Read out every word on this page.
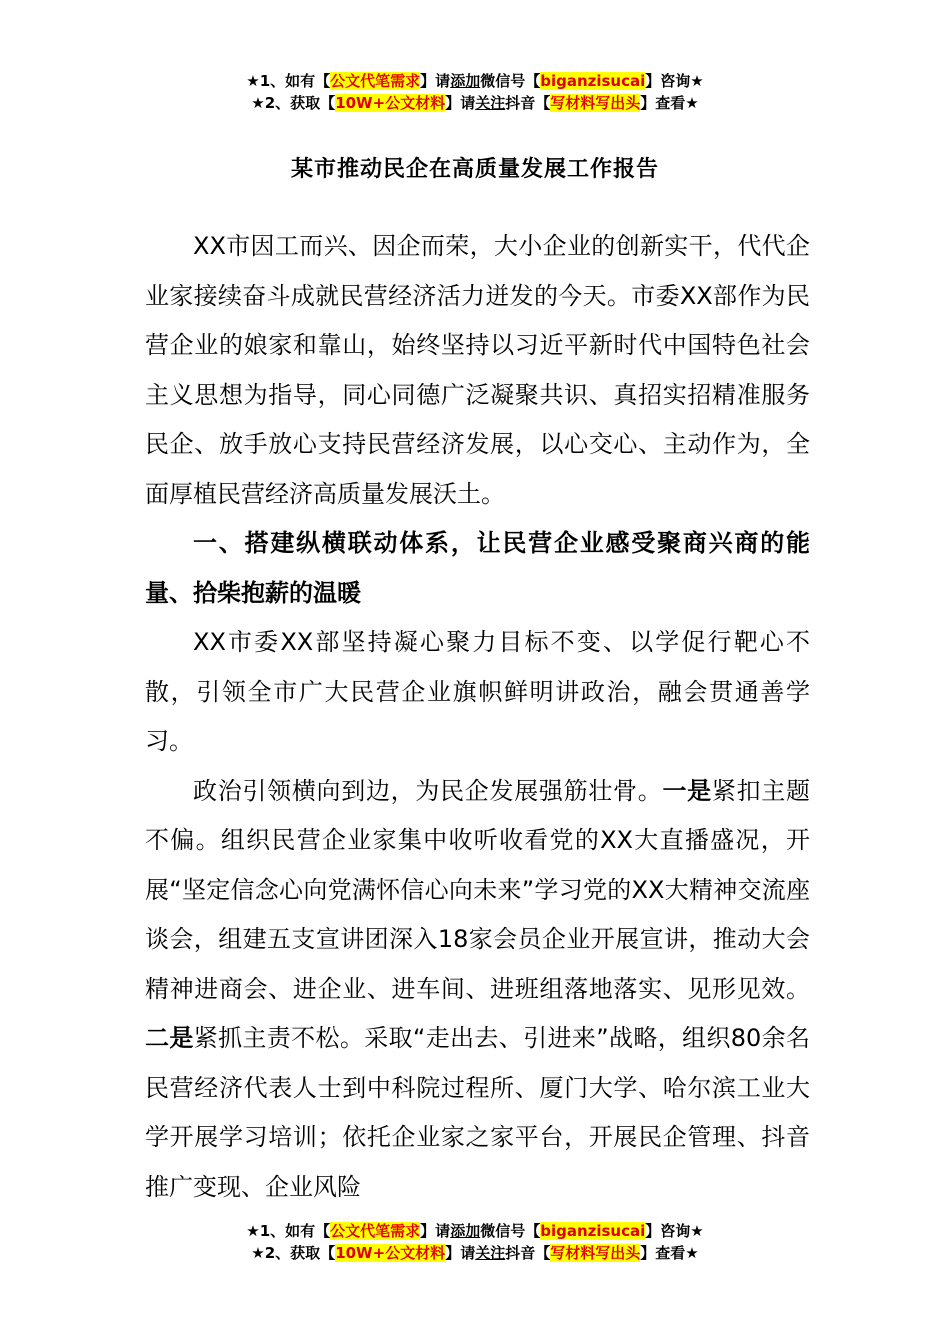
★1、如有【公文代笔需求】请添加微信号【biganzisucai】咨询★
★2、获取【10W+公文材料】请关注抖音【写材料写出头】查看★
某市推动民企在高质量发展工作报告

XX市因工而兴、因企而荣，大小企业的创新实干，代代企业家接续奋斗成就民营经济活力迸发的今天。市委XX部作为民营企业的娘家和靠山，始终坚持以习近平新时代中国特色社会主义思想为指导，同心同德广泛凝聚共识、真招实招精准服务民企、放手放心支持民营经济发展，以心交心、主动作为，全面厚植民营经济高质量发展沃土。

一、搭建纵横联动体系，让民营企业感受聚商兴商的能量、拾柴抱薪的温暖

XX市委XX部坚持凝心聚力目标不变、以学促行靶心不散，引领全市广大民营企业旗帜鲜明讲政治，融会贯通善学习。

政治引领横向到边，为民企发展强筋壮骨。一是紧扣主题不偏。组织民营企业家集中收听收看党的XX大直播盛况，开展“坚定信念心向党满怀信心向未来”学习党的XX大精神交流座谈会，组建五支宣讲团深入18家会员企业开展宣讲，推动大会精神进商会、进企业、进车间、进班组落地落实、见形见效。二是紧抓主责不松。采取“走出去、引进来”战略，组织80余名民营经济代表人士到中科院过程所、厦门大学、哈尔滨工业大学开展学习培训；依托企业家之家平台，开展民企管理、抖音推广变现、企业风险

★1、如有【公文代笔需求】请添加微信号【biganzisucai】咨询★
★2、获取【10W+公文材料】请关注抖音【写材料写出头】查看★
